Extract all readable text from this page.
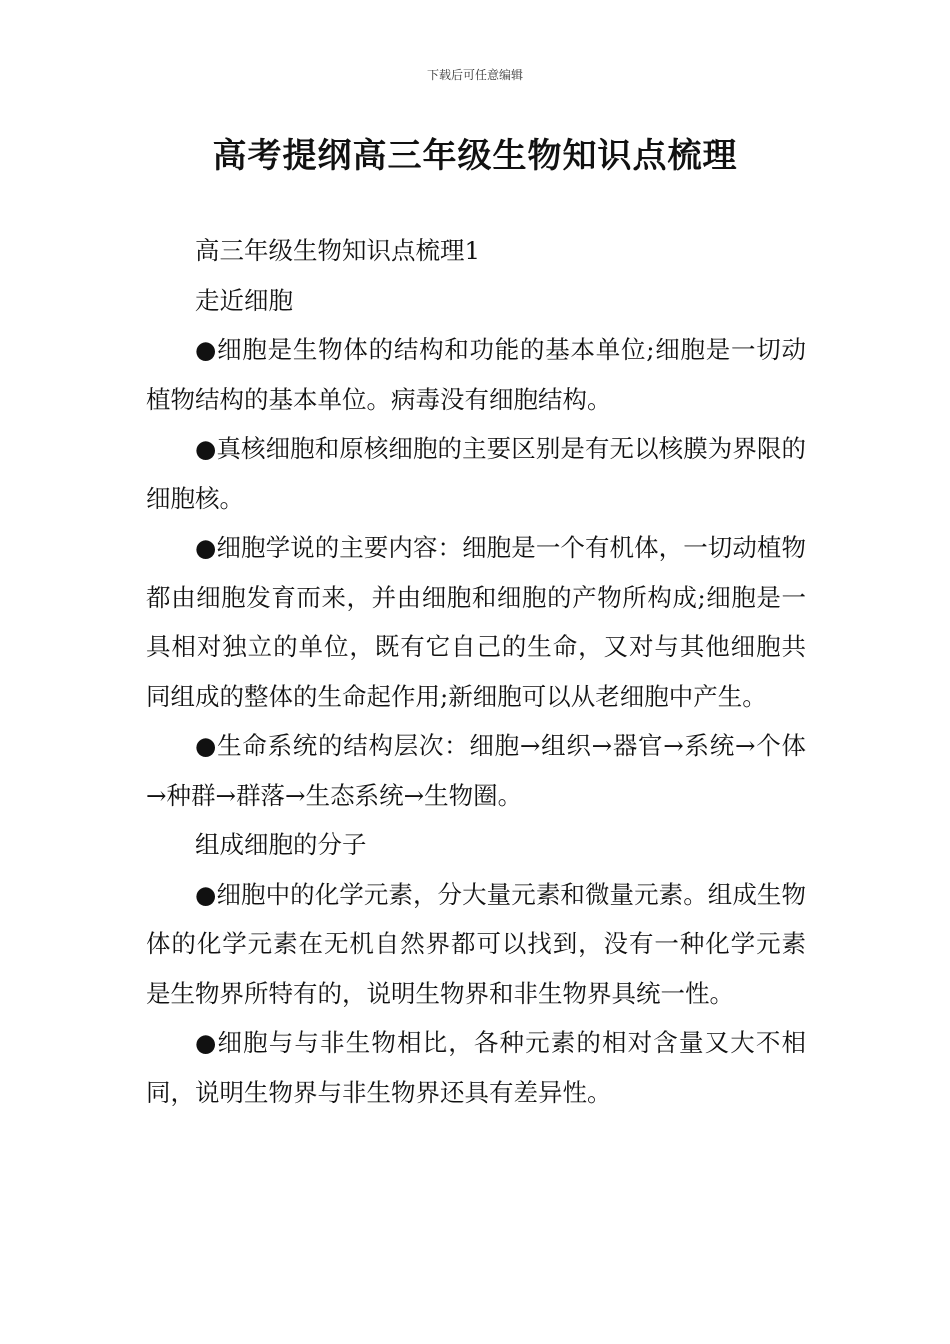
下载后可任意编辑
高考提纲高三年级生物知识点梳理

高三年级生物知识点梳理1

走近细胞

●细胞是生物体的结构和功能的基本单位;细胞是一切动植物结构的基本单位。病毒没有细胞结构。

●真核细胞和原核细胞的主要区别是有无以核膜为界限的细胞核。

●细胞学说的主要内容：细胞是一个有机体，一切动植物都由细胞发育而来，并由细胞和细胞的产物所构成;细胞是一具相对独立的单位，既有它自己的生命，又对与其他细胞共同组成的整体的生命起作用;新细胞可以从老细胞中产生。

●生命系统的结构层次：细胞→组织→器官→系统→个体→种群→群落→生态系统→生物圈。

组成细胞的分子

●细胞中的化学元素，分大量元素和微量元素。组成生物体的化学元素在无机自然界都可以找到，没有一种化学元素是生物界所特有的，说明生物界和非生物界具统一性。

●细胞与与非生物相比，各种元素的相对含量又大不相同，说明生物界与非生物界还具有差异性。
